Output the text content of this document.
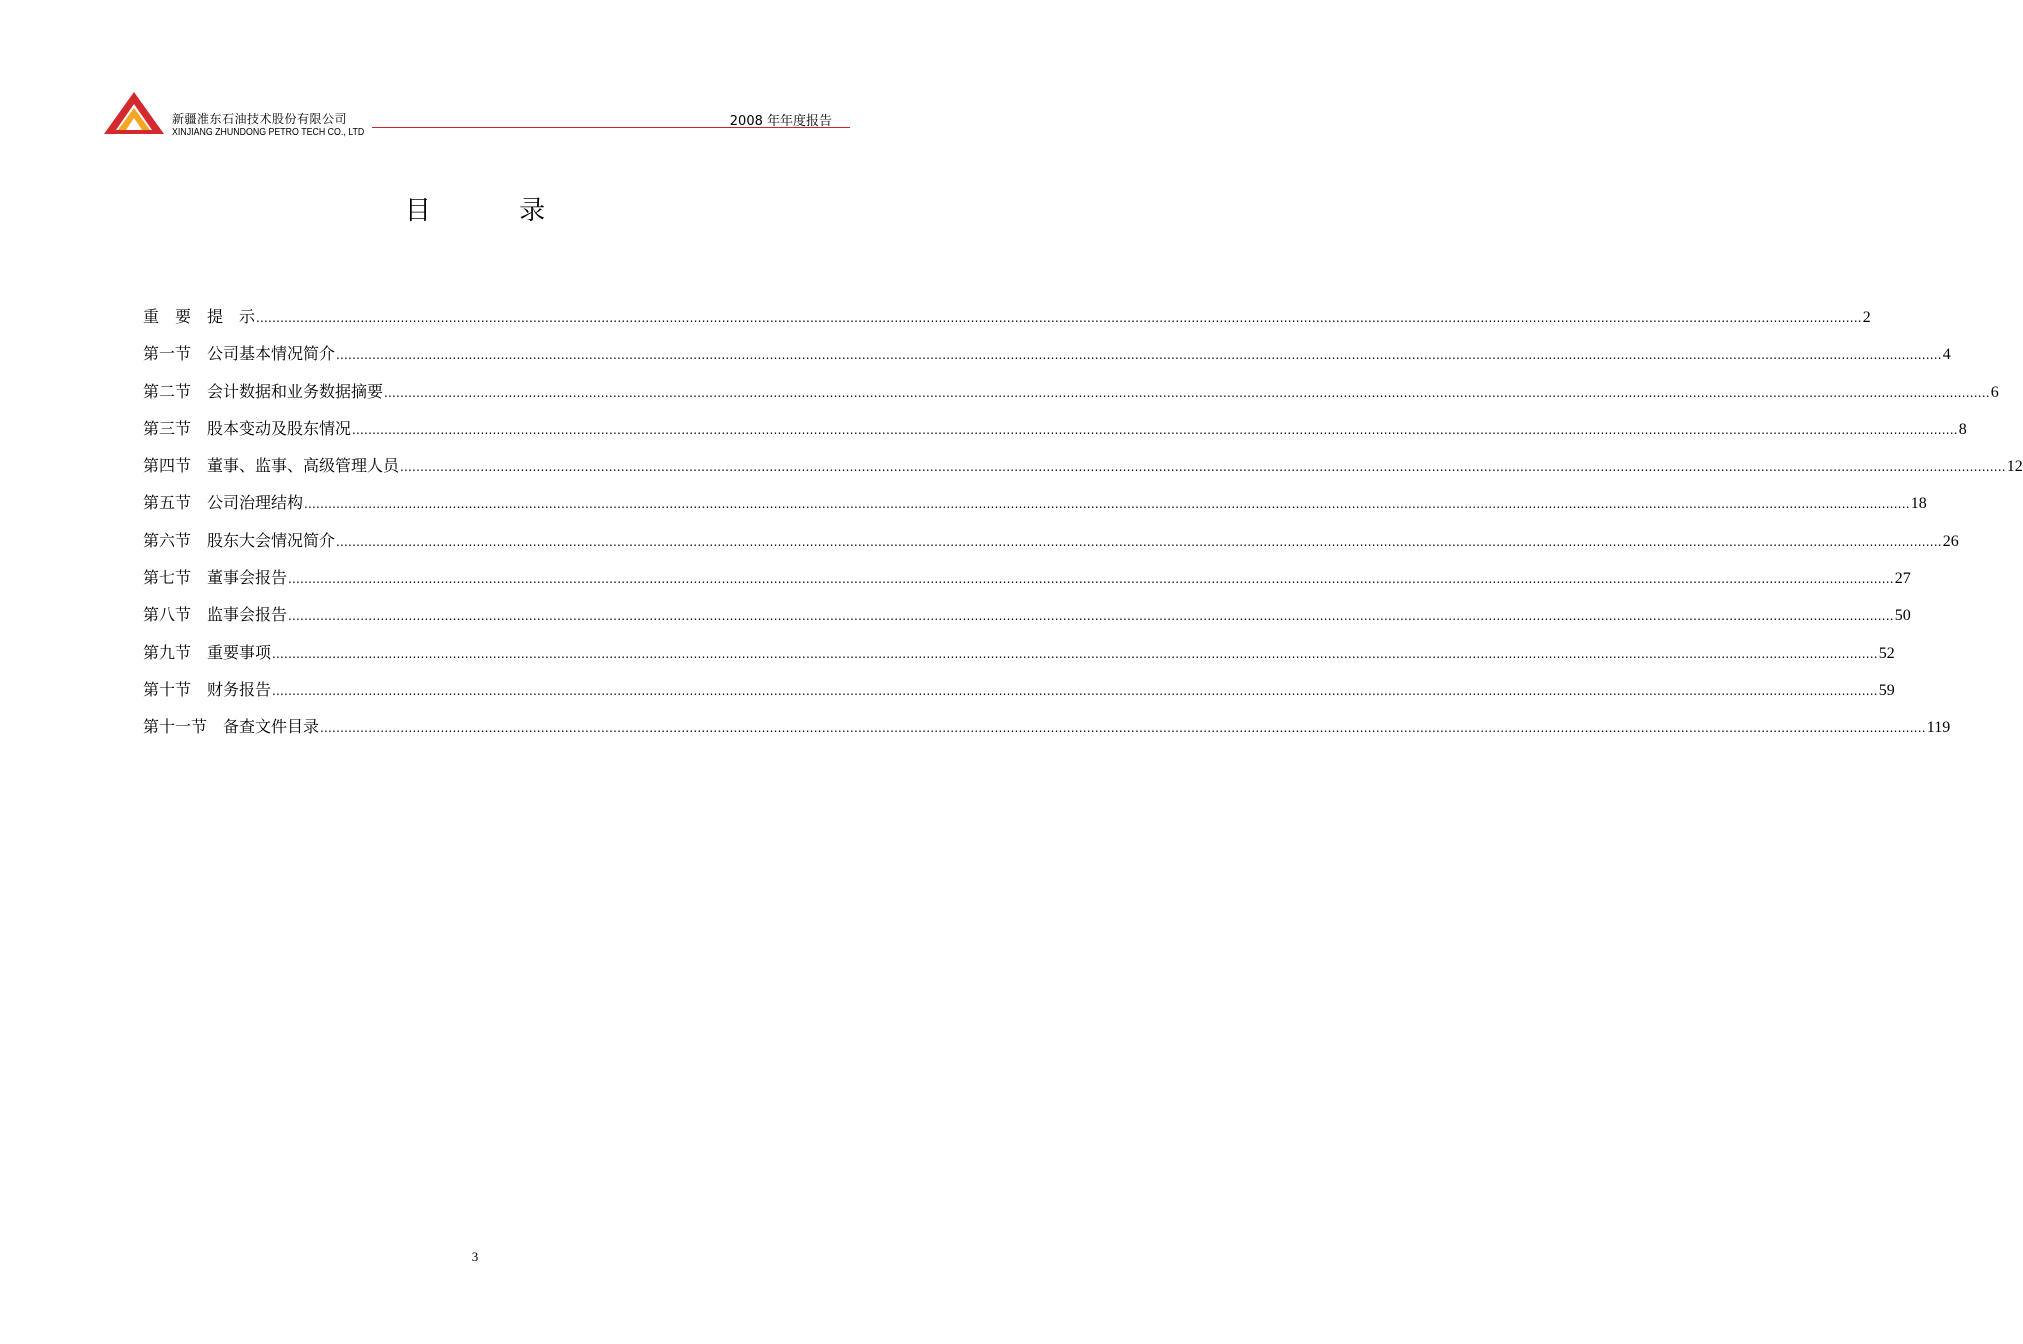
新疆准东石油技术股份有限公司
XINJIANG ZHUNDONG PETRO TECH CO., LTD
2008 年年度报告
目 录
重　要　提　示 ................................................................................................................................................................................................................................................................................................................................................................................................................ 2
第一节　公司基本情况简介 ................................................................................................................................................................................................................................................................................................................................................................................................................ 4
第二节　会计数据和业务数据摘要 ................................................................................................................................................................................................................................................................................................................................................................................................................ 6
第三节　股本变动及股东情况 ................................................................................................................................................................................................................................................................................................................................................................................................................ 8
第四节　董事、监事、高级管理人员 ................................................................................................................................................................................................................................................................................................................................................................................................................ 12
第五节　公司治理结构 ................................................................................................................................................................................................................................................................................................................................................................................................................ 18
第六节　股东大会情况简介 ................................................................................................................................................................................................................................................................................................................................................................................................................ 26
第七节　董事会报告 ................................................................................................................................................................................................................................................................................................................................................................................................................ 27
第八节　监事会报告 ................................................................................................................................................................................................................................................................................................................................................................................................................ 50
第九节　重要事项 ................................................................................................................................................................................................................................................................................................................................................................................................................ 52
第十节　财务报告 ................................................................................................................................................................................................................................................................................................................................................................................................................ 59
第十一节　备查文件目录 ................................................................................................................................................................................................................................................................................................................................................................................................................ 119
3
